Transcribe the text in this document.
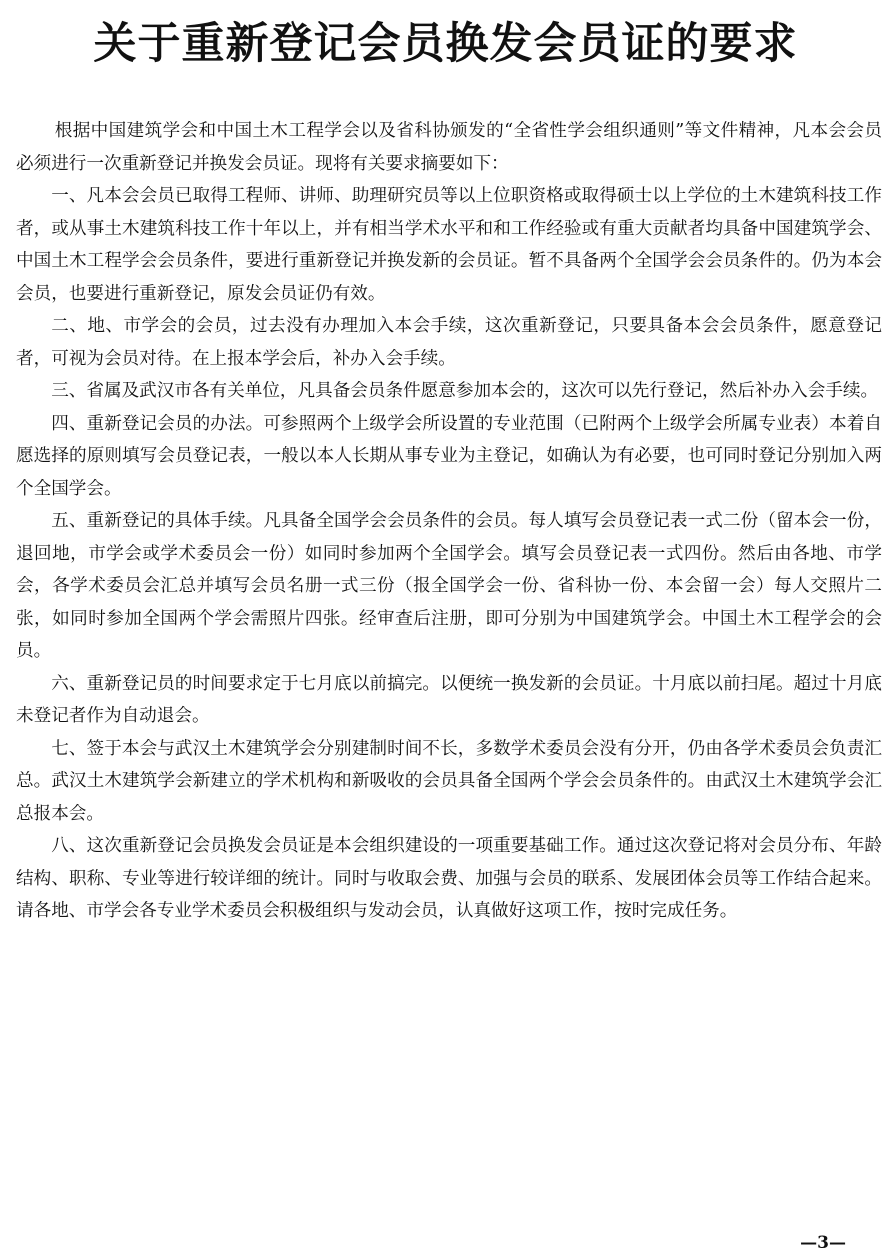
关于重新登记会员换发会员证的要求

根据中国建筑学会和中国土木工程学会以及省科协颁发的“全省性学会组织通则”等文件精神，凡本会会员必须进行一次重新登记并换发会员证。现将有关要求摘要如下：

一、凡本会会员已取得工程师、讲师、助理研究员等以上位职资格或取得硕士以上学位的土木建筑科技工作者，或从事土木建筑科技工作十年以上，并有相当学术水平和和工作经验或有重大贡献者均具备中国建筑学会、中国土木工程学会会员条件，要进行重新登记并换发新的会员证。暂不具备两个全国学会会员条件的。仍为本会会员，也要进行重新登记，原发会员证仍有效。

二、地、市学会的会员，过去没有办理加入本会手续，这次重新登记，只要具备本会会员条件，愿意登记者，可视为会员对待。在上报本学会后，补办入会手续。

三、省属及武汉市各有关单位，凡具备会员条件愿意参加本会的，这次可以先行登记，然后补办入会手续。

四、重新登记会员的办法。可参照两个上级学会所设置的专业范围（已附两个上级学会所属专业表）本着自愿选择的原则填写会员登记表，一般以本人长期从事专业为主登记，如确认为有必要，也可同时登记分别加入两个全国学会。

五、重新登记的具体手续。凡具备全国学会会员条件的会员。每人填写会员登记表一式二份（留本会一份，退回地，市学会或学术委员会一份）如同时参加两个全国学会。填写会员登记表一式四份。然后由各地、市学会，各学术委员会汇总并填写会员名册一式三份（报全国学会一份、省科协一份、本会留一会）每人交照片二张，如同时参加全国两个学会需照片四张。经审查后注册，即可分别为中国建筑学会。中国土木工程学会的会员。

六、重新登记员的时间要求定于七月底以前搞完。以便统一换发新的会员证。十月底以前扫尾。超过十月底未登记者作为自动退会。

七、签于本会与武汉土木建筑学会分别建制时间不长，多数学术委员会没有分开，仍由各学术委员会负责汇总。武汉土木建筑学会新建立的学术机构和新吸收的会员具备全国两个学会会员条件的。由武汉土木建筑学会汇总报本会。

八、这次重新登记会员换发会员证是本会组织建设的一项重要基础工作。通过这次登记将对会员分布、年龄结构、职称、专业等进行较详细的统计。同时与收取会费、加强与会员的联系、发展团体会员等工作结合起来。请各地、市学会各专业学术委员会积极组织与发动会员，认真做好这项工作，按时完成任务。

—3—
